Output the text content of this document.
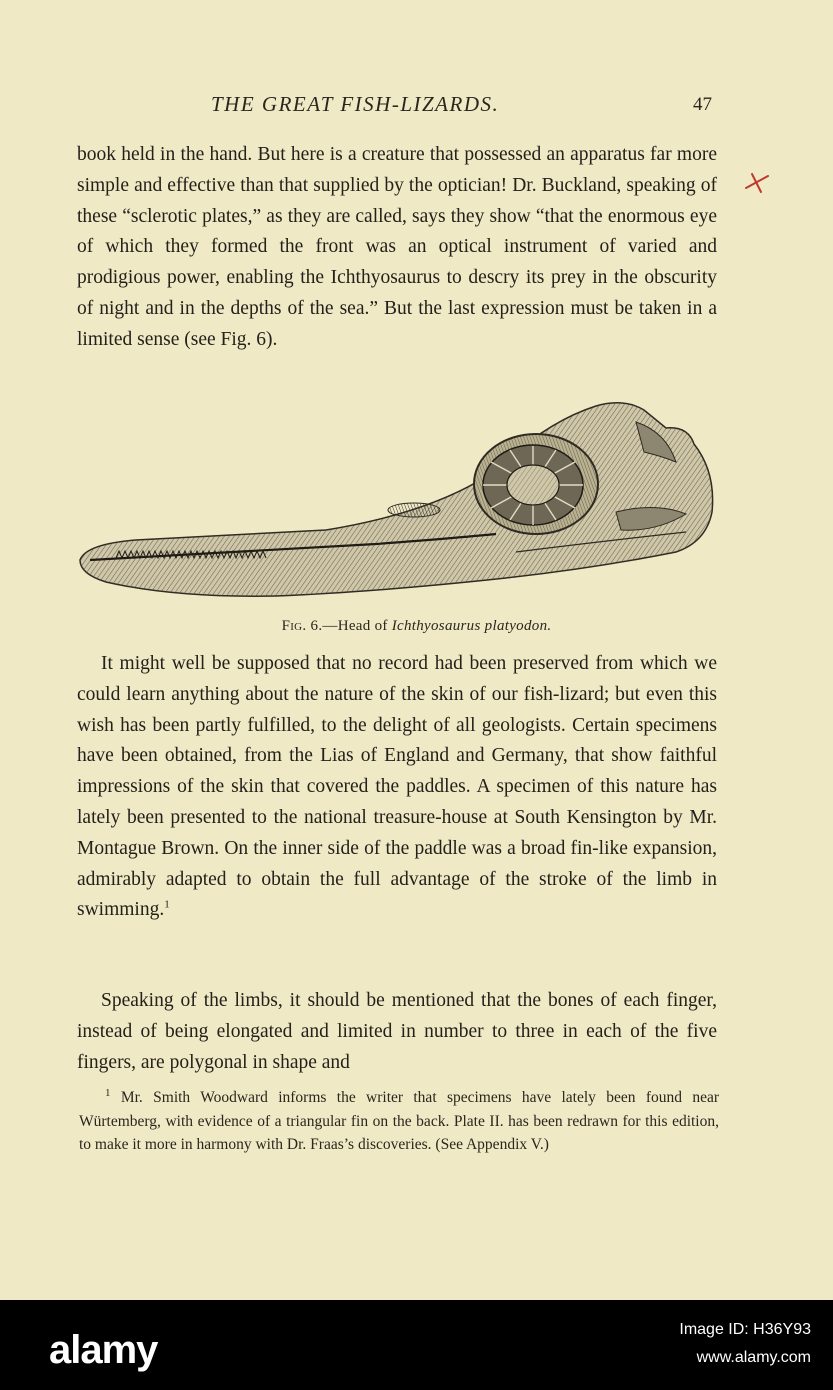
THE GREAT FISH-LIZARDS.	47

book held in the hand. But here is a creature that possessed an apparatus far more simple and effective than that supplied by the optician! Dr. Buckland, speaking of these “sclerotic plates,” as they are called, says they show “that the enormous eye of which they formed the front was an optical instrument of varied and prodigious power, enabling the Ichthyosaurus to descry its prey in the obscurity of night and in the depths of the sea.” But the last expression must be taken in a limited sense (see Fig. 6).

Fig. 6.—Head of Ichthyosaurus platyodon.

It might well be supposed that no record had been preserved from which we could learn anything about the nature of the skin of our fish-lizard; but even this wish has been partly fulfilled, to the delight of all geologists. Certain specimens have been obtained, from the Lias of England and Germany, that show faithful impressions of the skin that covered the paddles. A specimen of this nature has lately been presented to the national treasure-house at South Kensington by Mr. Montague Brown. On the inner side of the paddle was a broad fin-like expansion, admirably adapted to obtain the full advantage of the stroke of the limb in swimming.$^1$

Speaking of the limbs, it should be mentioned that the bones of each finger, instead of being elongated and limited in number to three in each of the five fingers, are polygonal in shape and

$^1$ Mr. Smith Woodward informs the writer that specimens have lately been found near Würtemberg, with evidence of a triangular fin on the back. Plate II. has been redrawn for this edition, to make it more in harmony with Dr. Fraas’s discoveries. (See Appendix V.)

alamy	Image ID: H36Y93
www.alamy.com
